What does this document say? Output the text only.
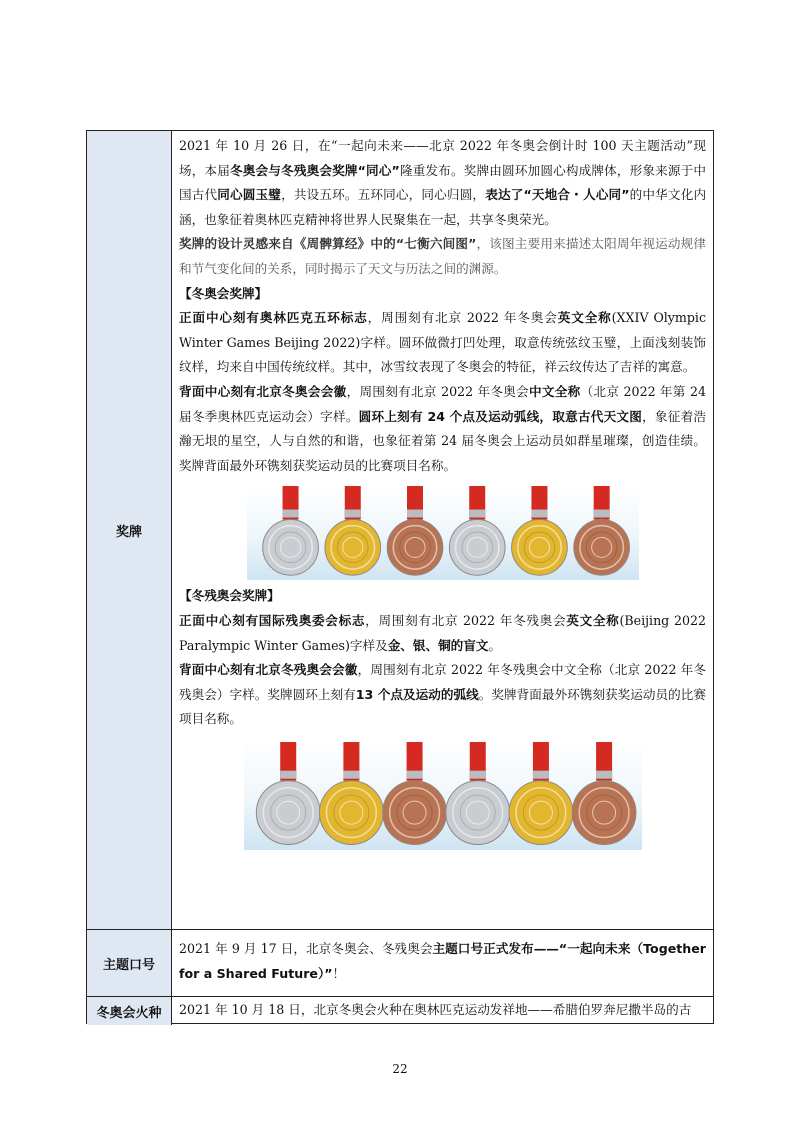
奖牌

2021 年 10 月 26 日，在“一起向未来——北京 2022 年冬奥会倒计时 100 天主题活动”现场，本届冬奥会与冬残奥会奖牌“同心”隆重发布。奖牌由圆环加圆心构成牌体，形象来源于中国古代同心圆玉璧，共设五环。五环同心，同心归圆，表达了“天地合・人心同”的中华文化内涵，也象征着奥林匹克精神将世界人民聚集在一起，共享冬奥荣光。

奖牌的设计灵感来自《周髀算经》中的“七衡六间图”，该图主要用来描述太阳周年视运动规律和节气变化间的关系，同时揭示了天文与历法之间的渊源。

【冬奥会奖牌】

正面中心刻有奥林匹克五环标志，周围刻有北京 2022 年冬奥会英文全称(XXIV Olympic Winter Games Beijing 2022)字样。圆环做微打凹处理，取意传统弦纹玉璧，上面浅刻装饰纹样，均来自中国传统纹样。其中，冰雪纹表现了冬奥会的特征，祥云纹传达了吉祥的寓意。

背面中心刻有北京冬奥会会徽，周围刻有北京 2022 年冬奥会中文全称（北京 2022 年第 24 届冬季奥林匹克运动会）字样。圆环上刻有 24 个点及运动弧线，取意古代天文图，象征着浩瀚无垠的星空，人与自然的和谐，也象征着第 24 届冬奥会上运动员如群星璀璨，创造佳绩。奖牌背面最外环镌刻获奖运动员的比赛项目名称。

【冬残奥会奖牌】

正面中心刻有国际残奥委会标志，周围刻有北京 2022 年冬残奥会英文全称(Beijing 2022 Paralympic Winter Games)字样及金、银、铜的盲文。

背面中心刻有北京冬残奥会会徽，周围刻有北京 2022 年冬残奥会中文全称（北京 2022 年冬残奥会）字样。奖牌圆环上刻有13 个点及运动的弧线。奖牌背面最外环镌刻获奖运动员的比赛项目名称。

主题口号

2021 年 9 月 17 日，北京冬奥会、冬残奥会主题口号正式发布——“一起向未来（Together for a Shared Future）”！

冬奥会火种	2021 年 10 月 18 日，北京冬奥会火种在奥林匹克运动发祥地——希腊伯罗奔尼撒半岛的古

22
